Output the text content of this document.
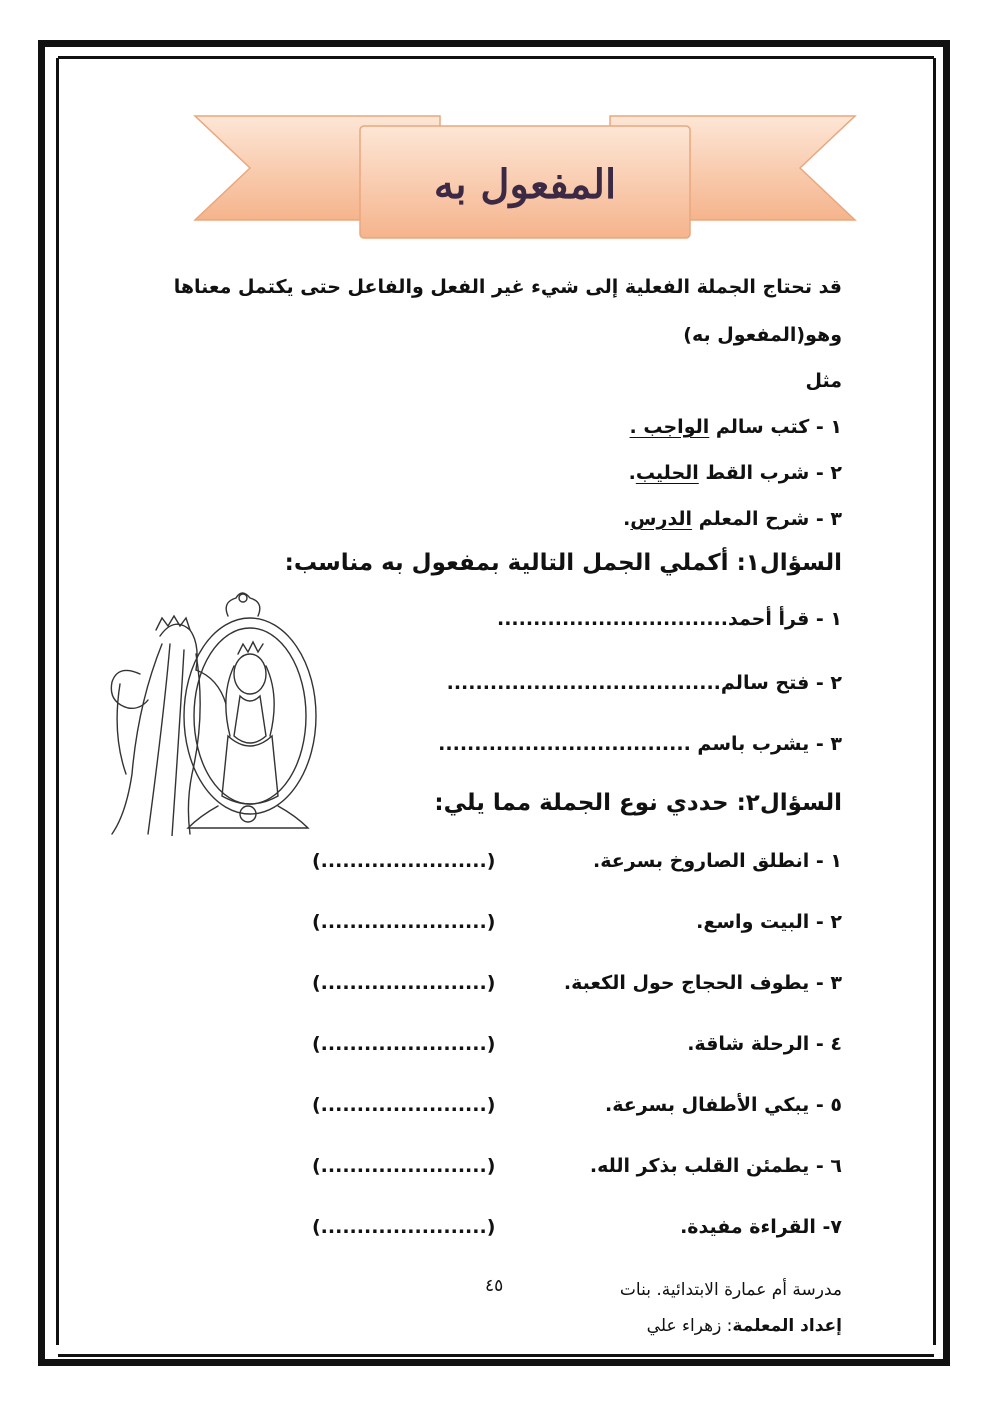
المفعول به
قد تحتاج الجملة الفعلية إلى شيء غير الفعل والفاعل حتى يكتمل معناها
وهو(المفعول به)
مثل
١ - كتب سالم الواجب .
٢ - شرب القط الحليب.
٣ - شرح المعلم الدرس.
السؤال١: أكملي الجمل التالية بمفعول به مناسب:
١ - قرأ أحمد................................
٢ - فتح سالم......................................
٣ - يشرب باسم ...................................
السؤال٢: حددي نوع الجملة مما يلي:
١ - انطلق الصاروخ بسرعة.
(.......................)
٢ - البيت واسع.
(.......................)
٣ - يطوف الحجاج حول الكعبة.
(.......................)
٤ - الرحلة شاقة.
(.......................)
٥ - يبكي الأطفال بسرعة.
(.......................)
٦ - يطمئن القلب بذكر الله.
(.......................)
٧- القراءة مفيدة.
(.......................)
مدرسة أم عمارة الابتدائية. بنات
٤٥
إعداد المعلمة: زهراء علي
